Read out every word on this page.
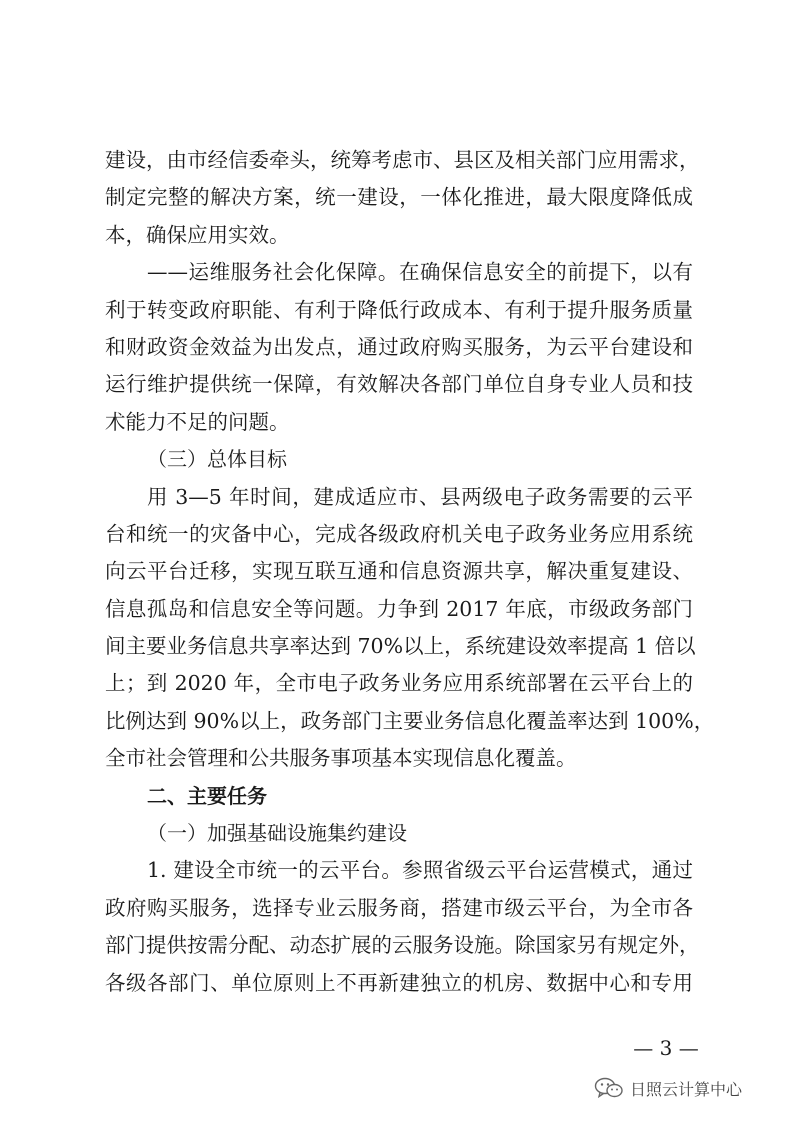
建设，由市经信委牵头，统筹考虑市、县区及相关部门应用需求，
制定完整的解决方案，统一建设，一体化推进，最大限度降低成
本，确保应用实效。
——运维服务社会化保障。在确保信息安全的前提下，以有
利于转变政府职能、有利于降低行政成本、有利于提升服务质量
和财政资金效益为出发点，通过政府购买服务，为云平台建设和
运行维护提供统一保障，有效解决各部门单位自身专业人员和技
术能力不足的问题。
（三）总体目标
用 3—5 年时间，建成适应市、县两级电子政务需要的云平
台和统一的灾备中心，完成各级政府机关电子政务业务应用系统
向云平台迁移，实现互联互通和信息资源共享，解决重复建设、
信息孤岛和信息安全等问题。力争到 2017 年底，市级政务部门
间主要业务信息共享率达到 70%以上，系统建设效率提高 1 倍以
上；到 2020 年，全市电子政务业务应用系统部署在云平台上的
比例达到 90%以上，政务部门主要业务信息化覆盖率达到 100%，
全市社会管理和公共服务事项基本实现信息化覆盖。
二、主要任务
（一）加强基础设施集约建设
1. 建设全市统一的云平台。参照省级云平台运营模式，通过
政府购买服务，选择专业云服务商，搭建市级云平台，为全市各
部门提供按需分配、动态扩展的云服务设施。除国家另有规定外，
各级各部门、单位原则上不再新建独立的机房、数据中心和专用
— 3 —
日照云计算中心
